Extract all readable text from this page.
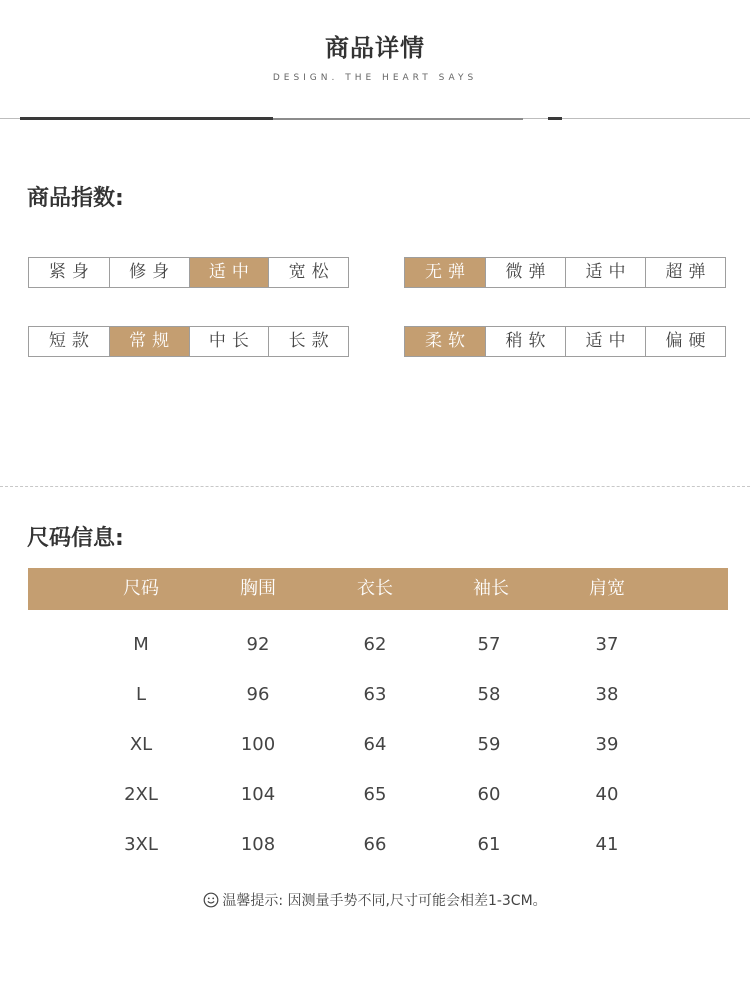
商品详情
DESIGN. THE HEART SAYS
商品指数:
紧身	修身	适中	宽松	无弹	微弹	适中	超弹
短款	常规	中长	长款	柔软	稍软	适中	偏硬
尺码信息:
尺码	胸围	衣长	袖长	肩宽
M	92	62	57	37
L	96	63	58	38
XL	100	64	59	39
2XL	104	65	60	40
3XL	108	66	61	41
温馨提示: 因测量手势不同,尺寸可能会相差1-3CM。
